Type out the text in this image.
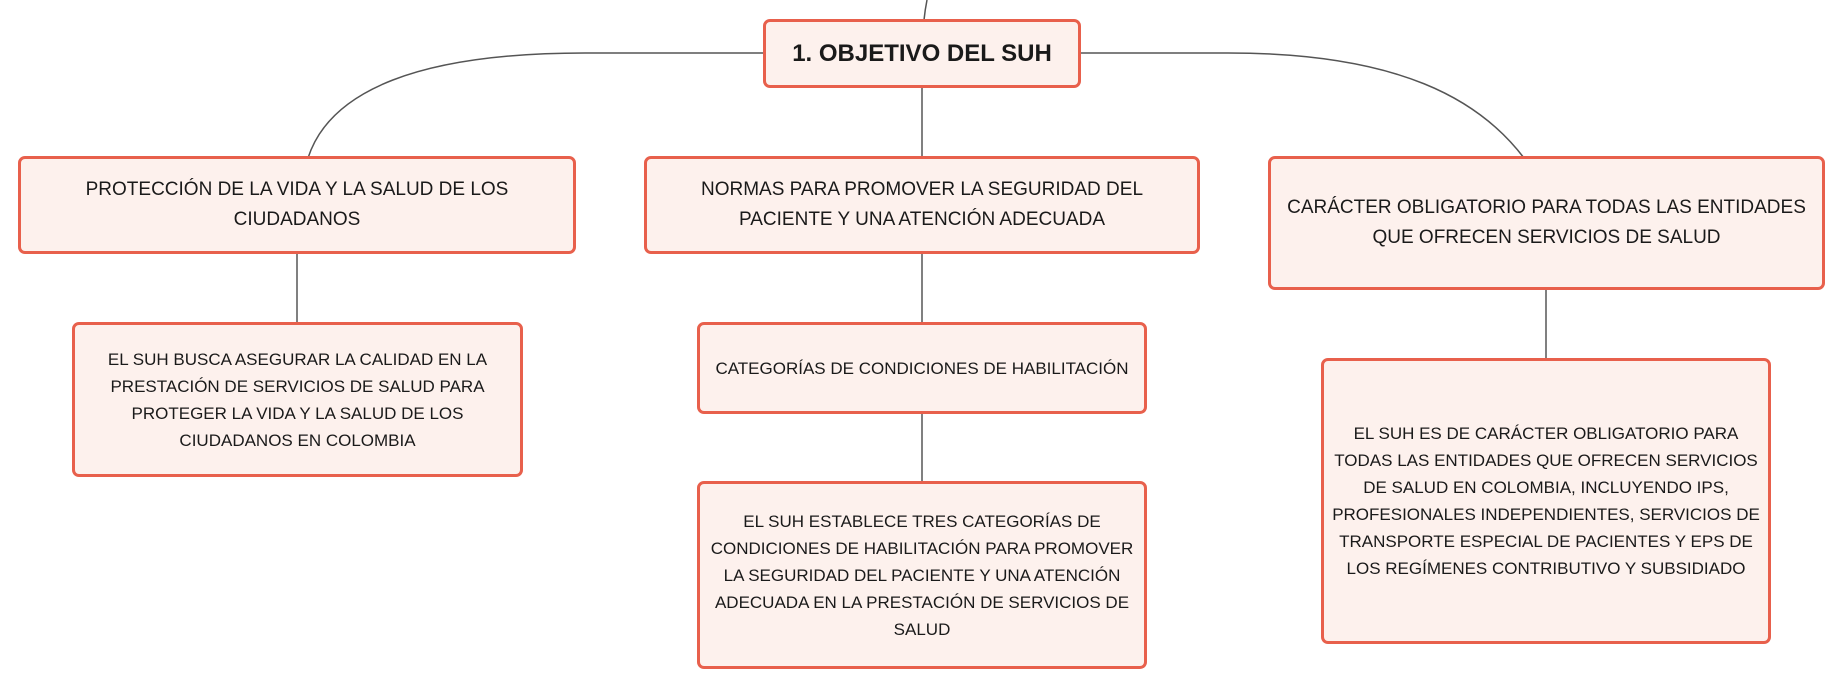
1. OBJETIVO DEL SUH
PROTECCIÓN DE LA VIDA Y LA SALUD DE LOS CIUDADANOS
NORMAS PARA PROMOVER LA SEGURIDAD DEL PACIENTE Y UNA ATENCIÓN ADECUADA
CARÁCTER OBLIGATORIO PARA TODAS LAS ENTIDADES QUE OFRECEN SERVICIOS DE SALUD
EL SUH BUSCA ASEGURAR LA CALIDAD EN LA PRESTACIÓN DE SERVICIOS DE SALUD PARA PROTEGER LA VIDA Y LA SALUD DE LOS CIUDADANOS EN COLOMBIA
CATEGORÍAS DE CONDICIONES DE HABILITACIÓN
EL SUH ESTABLECE TRES CATEGORÍAS DE CONDICIONES DE HABILITACIÓN PARA PROMOVER LA SEGURIDAD DEL PACIENTE Y UNA ATENCIÓN ADECUADA EN LA PRESTACIÓN DE SERVICIOS DE SALUD
EL SUH ES DE CARÁCTER OBLIGATORIO PARA TODAS LAS ENTIDADES QUE OFRECEN SERVICIOS DE SALUD EN COLOMBIA, INCLUYENDO IPS, PROFESIONALES INDEPENDIENTES, SERVICIOS DE TRANSPORTE ESPECIAL DE PACIENTES Y EPS DE LOS REGÍMENES CONTRIBUTIVO Y SUBSIDIADO
